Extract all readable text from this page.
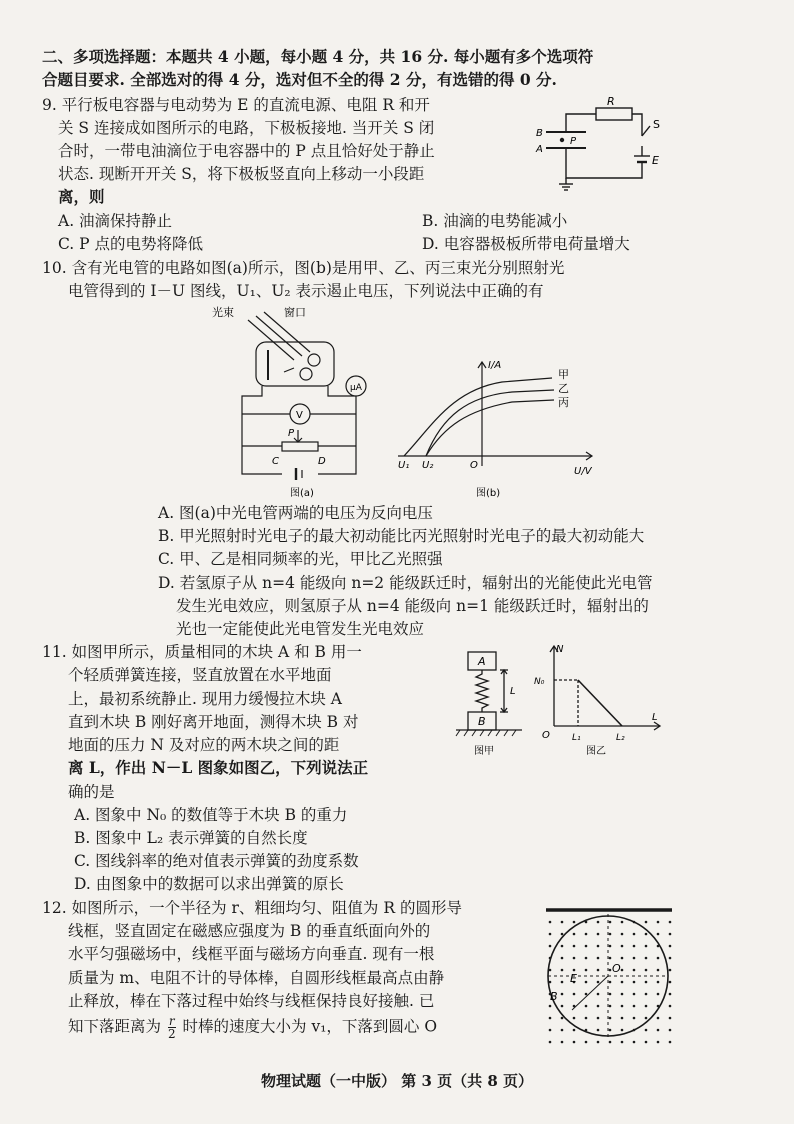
二、多项选择题：本题共 4 小题，每小题 4 分，共 16 分. 每小题有多个选项符
合题目要求. 全部选对的得 4 分，选对但不全的得 2 分，有选错的得 0 分.
9. 平行板电容器与电动势为 E 的直流电源、电阻 R 和开
关 S 连接成如图所示的电路，下极板接地. 当开关 S 闭
合时，一带电油滴位于电容器中的 P 点且恰好处于静止
状态. 现断开开关 S，将下极板竖直向上移动一小段距
离，则
A. 油滴保持静止	B. 油滴的电势能减小
C. P 点的电势将降低	D. 电容器极板所带电荷量增大
R
S
E
B
A
P
10. 含有光电管的电路如图(a)所示，图(b)是用甲、乙、丙三束光分别照射光
电管得到的 I－U 图线，U₁、U₂ 表示遏止电压，下列说法中正确的有
光束	窗口
μA
V
P
C	D
图(a)
I/A
U/V
O
U₁ U₂
甲
乙
丙
图(b)
A. 图(a)中光电管两端的电压为反向电压
B. 甲光照射时光电子的最大初动能比丙光照射时光电子的最大初动能大
C. 甲、乙是相同频率的光，甲比乙光照强
D. 若氢原子从 n=4 能级向 n=2 能级跃迁时，辐射出的光能使此光电管
发生光电效应，则氢原子从 n=4 能级向 n=1 能级跃迁时，辐射出的
光也一定能使此光电管发生光电效应
11. 如图甲所示，质量相同的木块 A 和 B 用一
个轻质弹簧连接，竖直放置在水平地面
上，最初系统静止. 现用力缓慢拉木块 A
直到木块 B 刚好离开地面，测得木块 B 对
地面的压力 N 及对应的两木块之间的距
离 L，作出 N－L 图象如图乙，下列说法正
确的是
A. 图象中 N₀ 的数值等于木块 B 的重力
B. 图象中 L₂ 表示弹簧的自然长度
C. 图线斜率的绝对值表示弹簧的劲度系数
D. 由图象中的数据可以求出弹簧的原长
A
B
L
图甲
N
L
O
N₀
L₁	L₂
图乙
12. 如图所示，一个半径为 r、粗细均匀、阻值为 R 的圆形导
线框，竖直固定在磁感应强度为 B 的垂直纸面向外的
水平匀强磁场中，线框平面与磁场方向垂直. 现有一根
质量为 m、电阻不计的导体棒，自圆形线框最高点由静
止释放，棒在下落过程中始终与线框保持良好接触. 已
知下落距离为 $\frac{r}{2}$ 时棒的速度大小为 v₁，下落到圆心 O
E
O
B
物理试题（一中版） 第 3 页（共 8 页）
